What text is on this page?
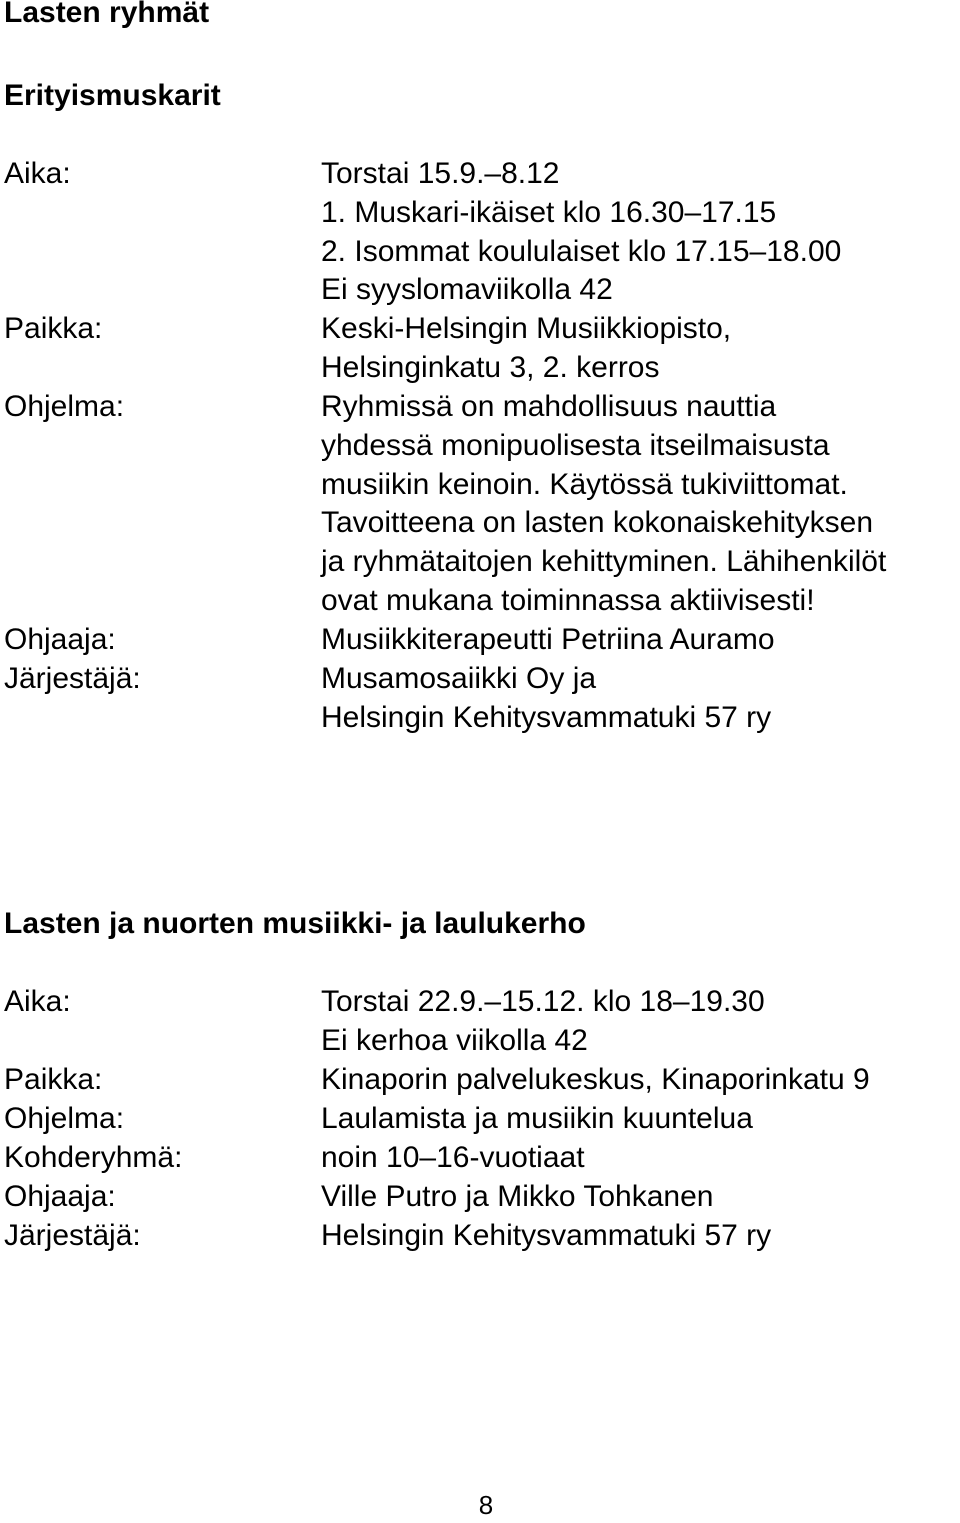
Lasten ryhmät
Erityismuskarit
Aika:	Torstai 15.9.–8.12
1. Muskari-ikäiset klo 16.30–17.15
2. Isommat koululaiset klo 17.15–18.00
Ei syyslomaviikolla 42
Paikka:	Keski-Helsingin Musiikkiopisto,
Helsinginkatu 3, 2. kerros
Ohjelma:	Ryhmissä on mahdollisuus nauttia
yhdessä monipuolisesta itseilmaisusta
musiikin keinoin. Käytössä tukiviittomat.
Tavoitteena on lasten kokonaiskehityksen
ja ryhmätaitojen kehittyminen. Lähihenkilöt
ovat mukana toiminnassa aktiivisesti!
Ohjaaja:	Musiikkiterapeutti Petriina Auramo
Järjestäjä:	Musamosaiikki Oy ja
Helsingin Kehitysvammatuki 57 ry
Lasten ja nuorten musiikki- ja laulukerho
Aika:	Torstai 22.9.–15.12. klo 18–19.30
Ei kerhoa viikolla 42
Paikka:	Kinaporin palvelukeskus, Kinaporinkatu 9
Ohjelma:	Laulamista ja musiikin kuuntelua
Kohderyhmä:	noin 10–16-vuotiaat
Ohjaaja:	Ville Putro ja Mikko Tohkanen
Järjestäjä:	Helsingin Kehitysvammatuki 57 ry
8
